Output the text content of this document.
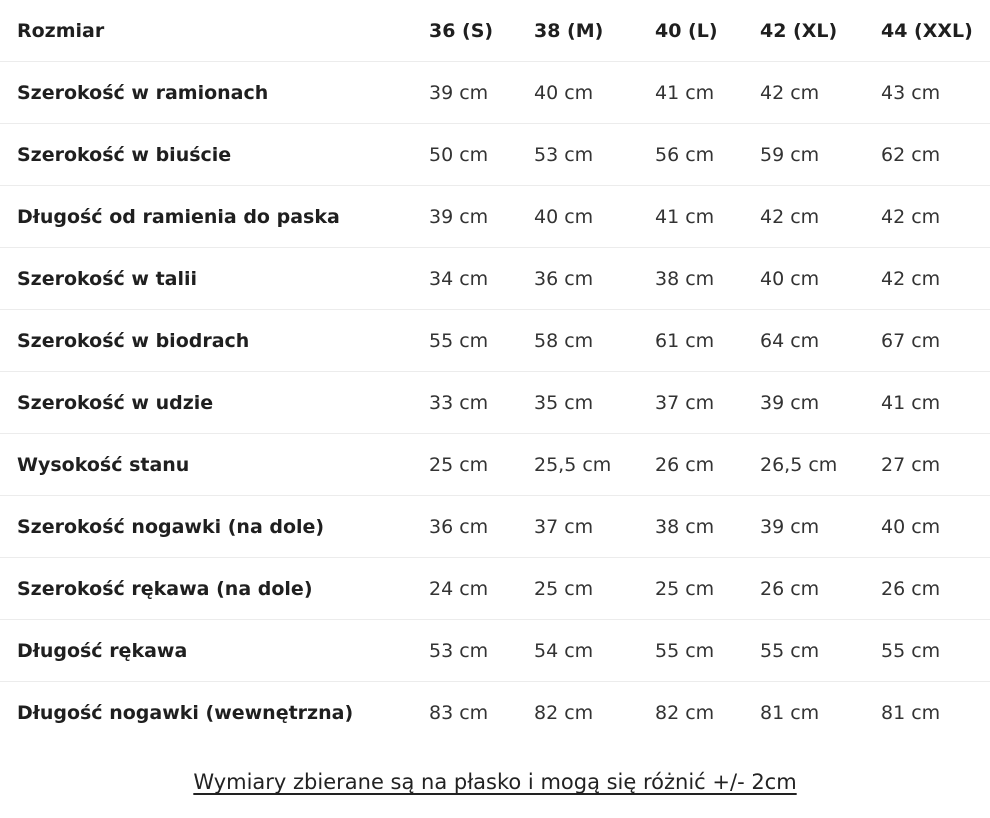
Rozmiar	36 (S)	38 (M)	40 (L)	42 (XL)	44 (XXL)
Szerokość w ramionach	39 cm	40 cm	41 cm	42 cm	43 cm
Szerokość w biuście	50 cm	53 cm	56 cm	59 cm	62 cm
Długość od ramienia do paska	39 cm	40 cm	41 cm	42 cm	42 cm
Szerokość w talii	34 cm	36 cm	38 cm	40 cm	42 cm
Szerokość w biodrach	55 cm	58 cm	61 cm	64 cm	67 cm
Szerokość w udzie	33 cm	35 cm	37 cm	39 cm	41 cm
Wysokość stanu	25 cm	25,5 cm	26 cm	26,5 cm	27 cm
Szerokość nogawki (na dole)	36 cm	37 cm	38 cm	39 cm	40 cm
Szerokość rękawa (na dole)	24 cm	25 cm	25 cm	26 cm	26 cm
Długość rękawa	53 cm	54 cm	55 cm	55 cm	55 cm
Długość nogawki (wewnętrzna)	83 cm	82 cm	82 cm	81 cm	81 cm
Wymiary zbierane są na płasko i mogą się różnić +/- 2cm
